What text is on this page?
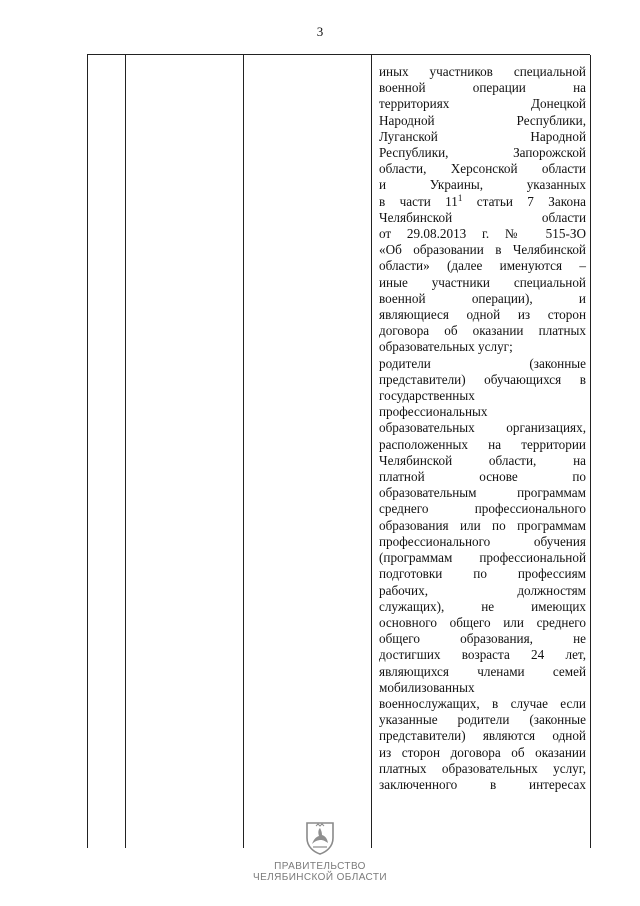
3
иных участников специальной
военной операции на
территориях Донецкой
Народной Республики,
Луганской Народной
Республики, Запорожской
области, Херсонской области
и Украины, указанных
в части $11^1$ статьи 7 Закона
Челябинской области
от 29.08.2013 г. № 515-ЗО
«Об образовании в Челябинской
области» (далее именуются –
иные участники специальной
военной операции), и
являющиеся одной из сторон
договора об оказании платных
образовательных услуг;
родители (законные
представители) обучающихся в
государственных
профессиональных
образовательных организациях,
расположенных на территории
Челябинской области, на
платной основе по
образовательным программам
среднего профессионального
образования или по программам
профессионального обучения
(программам профессиональной
подготовки по профессиям
рабочих, должностям
служащих), не имеющих
основного общего или среднего
общего образования, не
достигших возраста 24 лет,
являющихся членами семей
мобилизованных
военнослужащих, в случае если
указанные родители (законные
представители) являются одной
из сторон договора об оказании
платных образовательных услуг,
заключенного в интересах
ПРАВИТЕЛЬСТВО
ЧЕЛЯБИНСКОЙ ОБЛАСТИ
